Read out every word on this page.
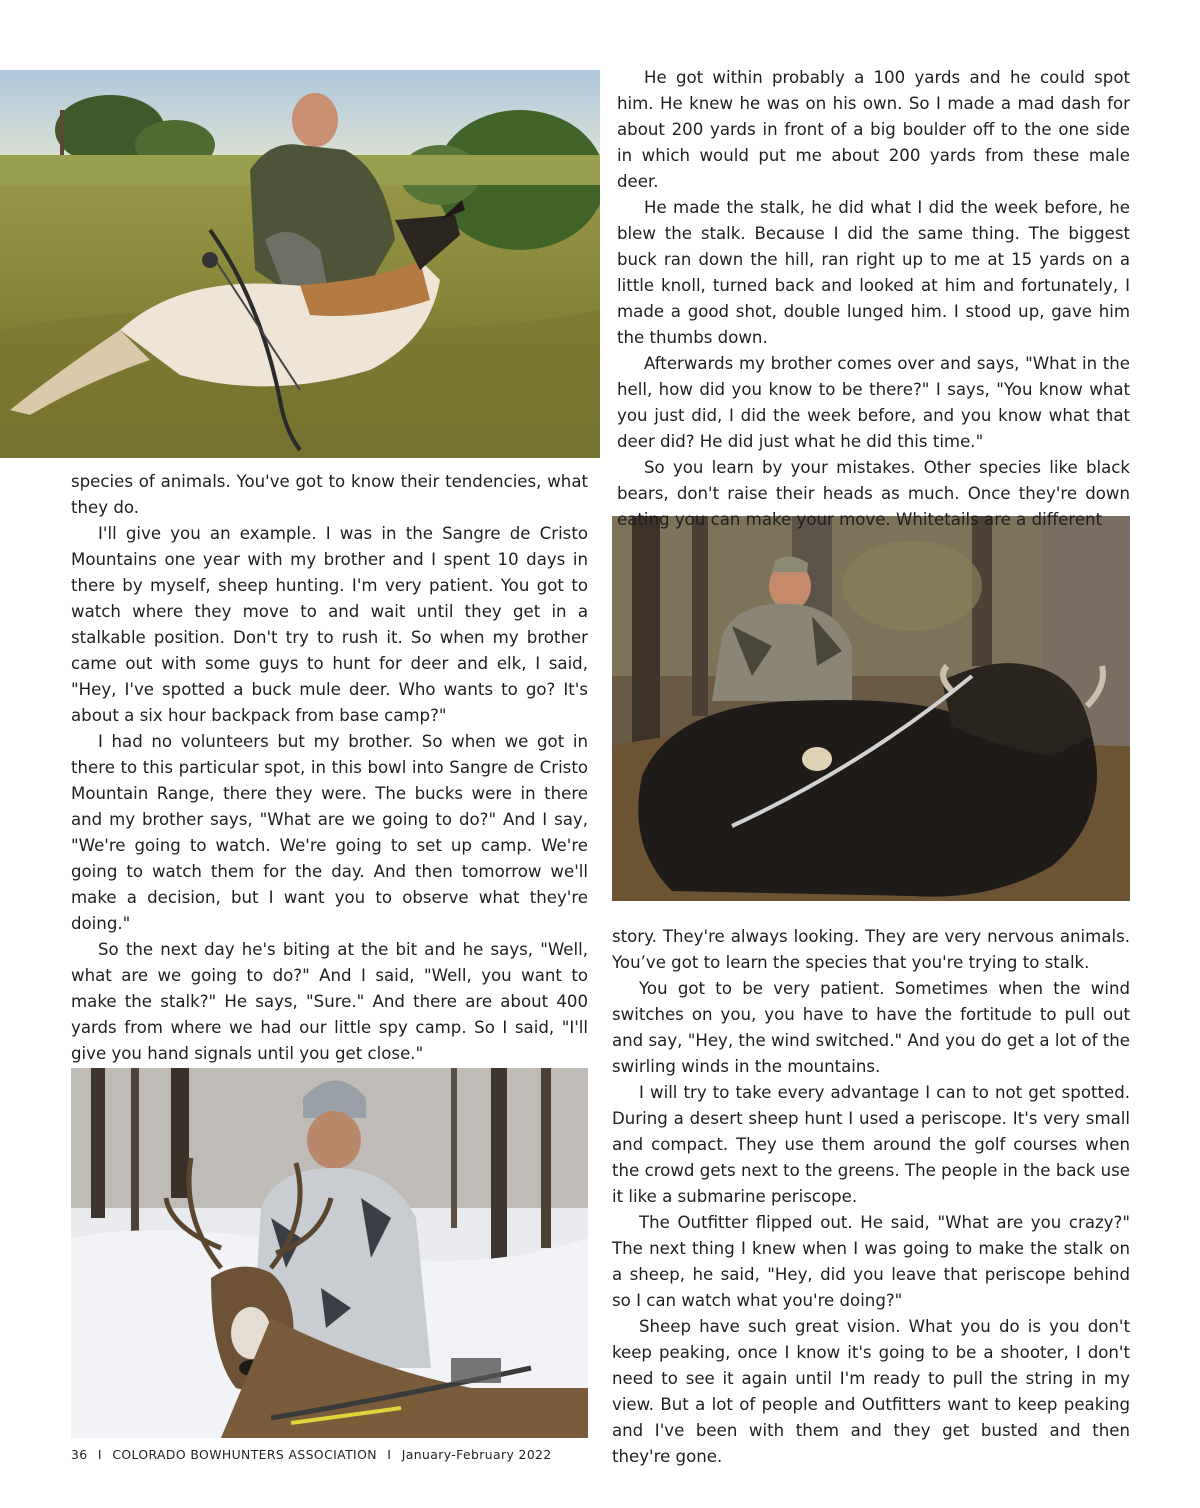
species of animals. You've got to know their tendencies, what they do.

I'll give you an example. I was in the Sangre de Cristo Mountains one year with my brother and I spent 10 days in there by myself, sheep hunting. I'm very patient. You got to watch where they move to and wait until they get in a stalkable position. Don't try to rush it. So when my brother came out with some guys to hunt for deer and elk, I said, "Hey, I've spotted a buck mule deer. Who wants to go? It's about a six hour backpack from base camp?"

I had no volunteers but my brother. So when we got in there to this particular spot, in this bowl into Sangre de Cristo Mountain Range, there they were. The bucks were in there and my brother says, "What are we going to do?" And I say, "We're going to watch. We're going to set up camp. We're going to watch them for the day. And then tomorrow we'll make a decision, but I want you to observe what they're doing."

So the next day he's biting at the bit and he says, "Well, what are we going to do?" And I said, "Well, you want to make the stalk?" He says, "Sure." And there are about 400 yards from where we had our little spy camp. So I said, "I'll give you hand signals until you get close."

He got within probably a 100 yards and he could spot him. He knew he was on his own. So I made a mad dash for about 200 yards in front of a big boulder off to the one side in which would put me about 200 yards from these male deer.

He made the stalk, he did what I did the week before, he blew the stalk. Because I did the same thing. The biggest buck ran down the hill, ran right up to me at 15 yards on a little knoll, turned back and looked at him and fortunately, I made a good shot, double lunged him. I stood up, gave him the thumbs down.

Afterwards my brother comes over and says, "What in the hell, how did you know to be there?" I says, "You know what you just did, I did the week before, and you know what that deer did? He did just what he did this time."

So you learn by your mistakes. Other species like black bears, don't raise their heads as much. Once they're down eating you can make your move. Whitetails are a different

story. They're always looking. They are very nervous animals. You’ve got to learn the species that you're trying to stalk.

You got to be very patient. Sometimes when the wind switches on you, you have to have the fortitude to pull out and say, "Hey, the wind switched." And you do get a lot of the swirling winds in the mountains.

I will try to take every advantage I can to not get spotted. During a desert sheep hunt I used a periscope. It's very small and compact. They use them around the golf courses when the crowd gets next to the greens. The people in the back use it like a submarine periscope.

The Outfitter flipped out. He said, "What are you crazy?" The next thing I knew when I was going to make the stalk on a sheep, he said, "Hey, did you leave that periscope behind so I can watch what you're doing?"

Sheep have such great vision. What you do is you don't keep peaking, once I know it's going to be a shooter, I don't need to see it again until I'm ready to pull the string in my view. But a lot of people and Outfitters want to keep peaking and I've been with them and they get busted and then they're gone.

36 I COLORADO BOWHUNTERS ASSOCIATION I January-February 2022
